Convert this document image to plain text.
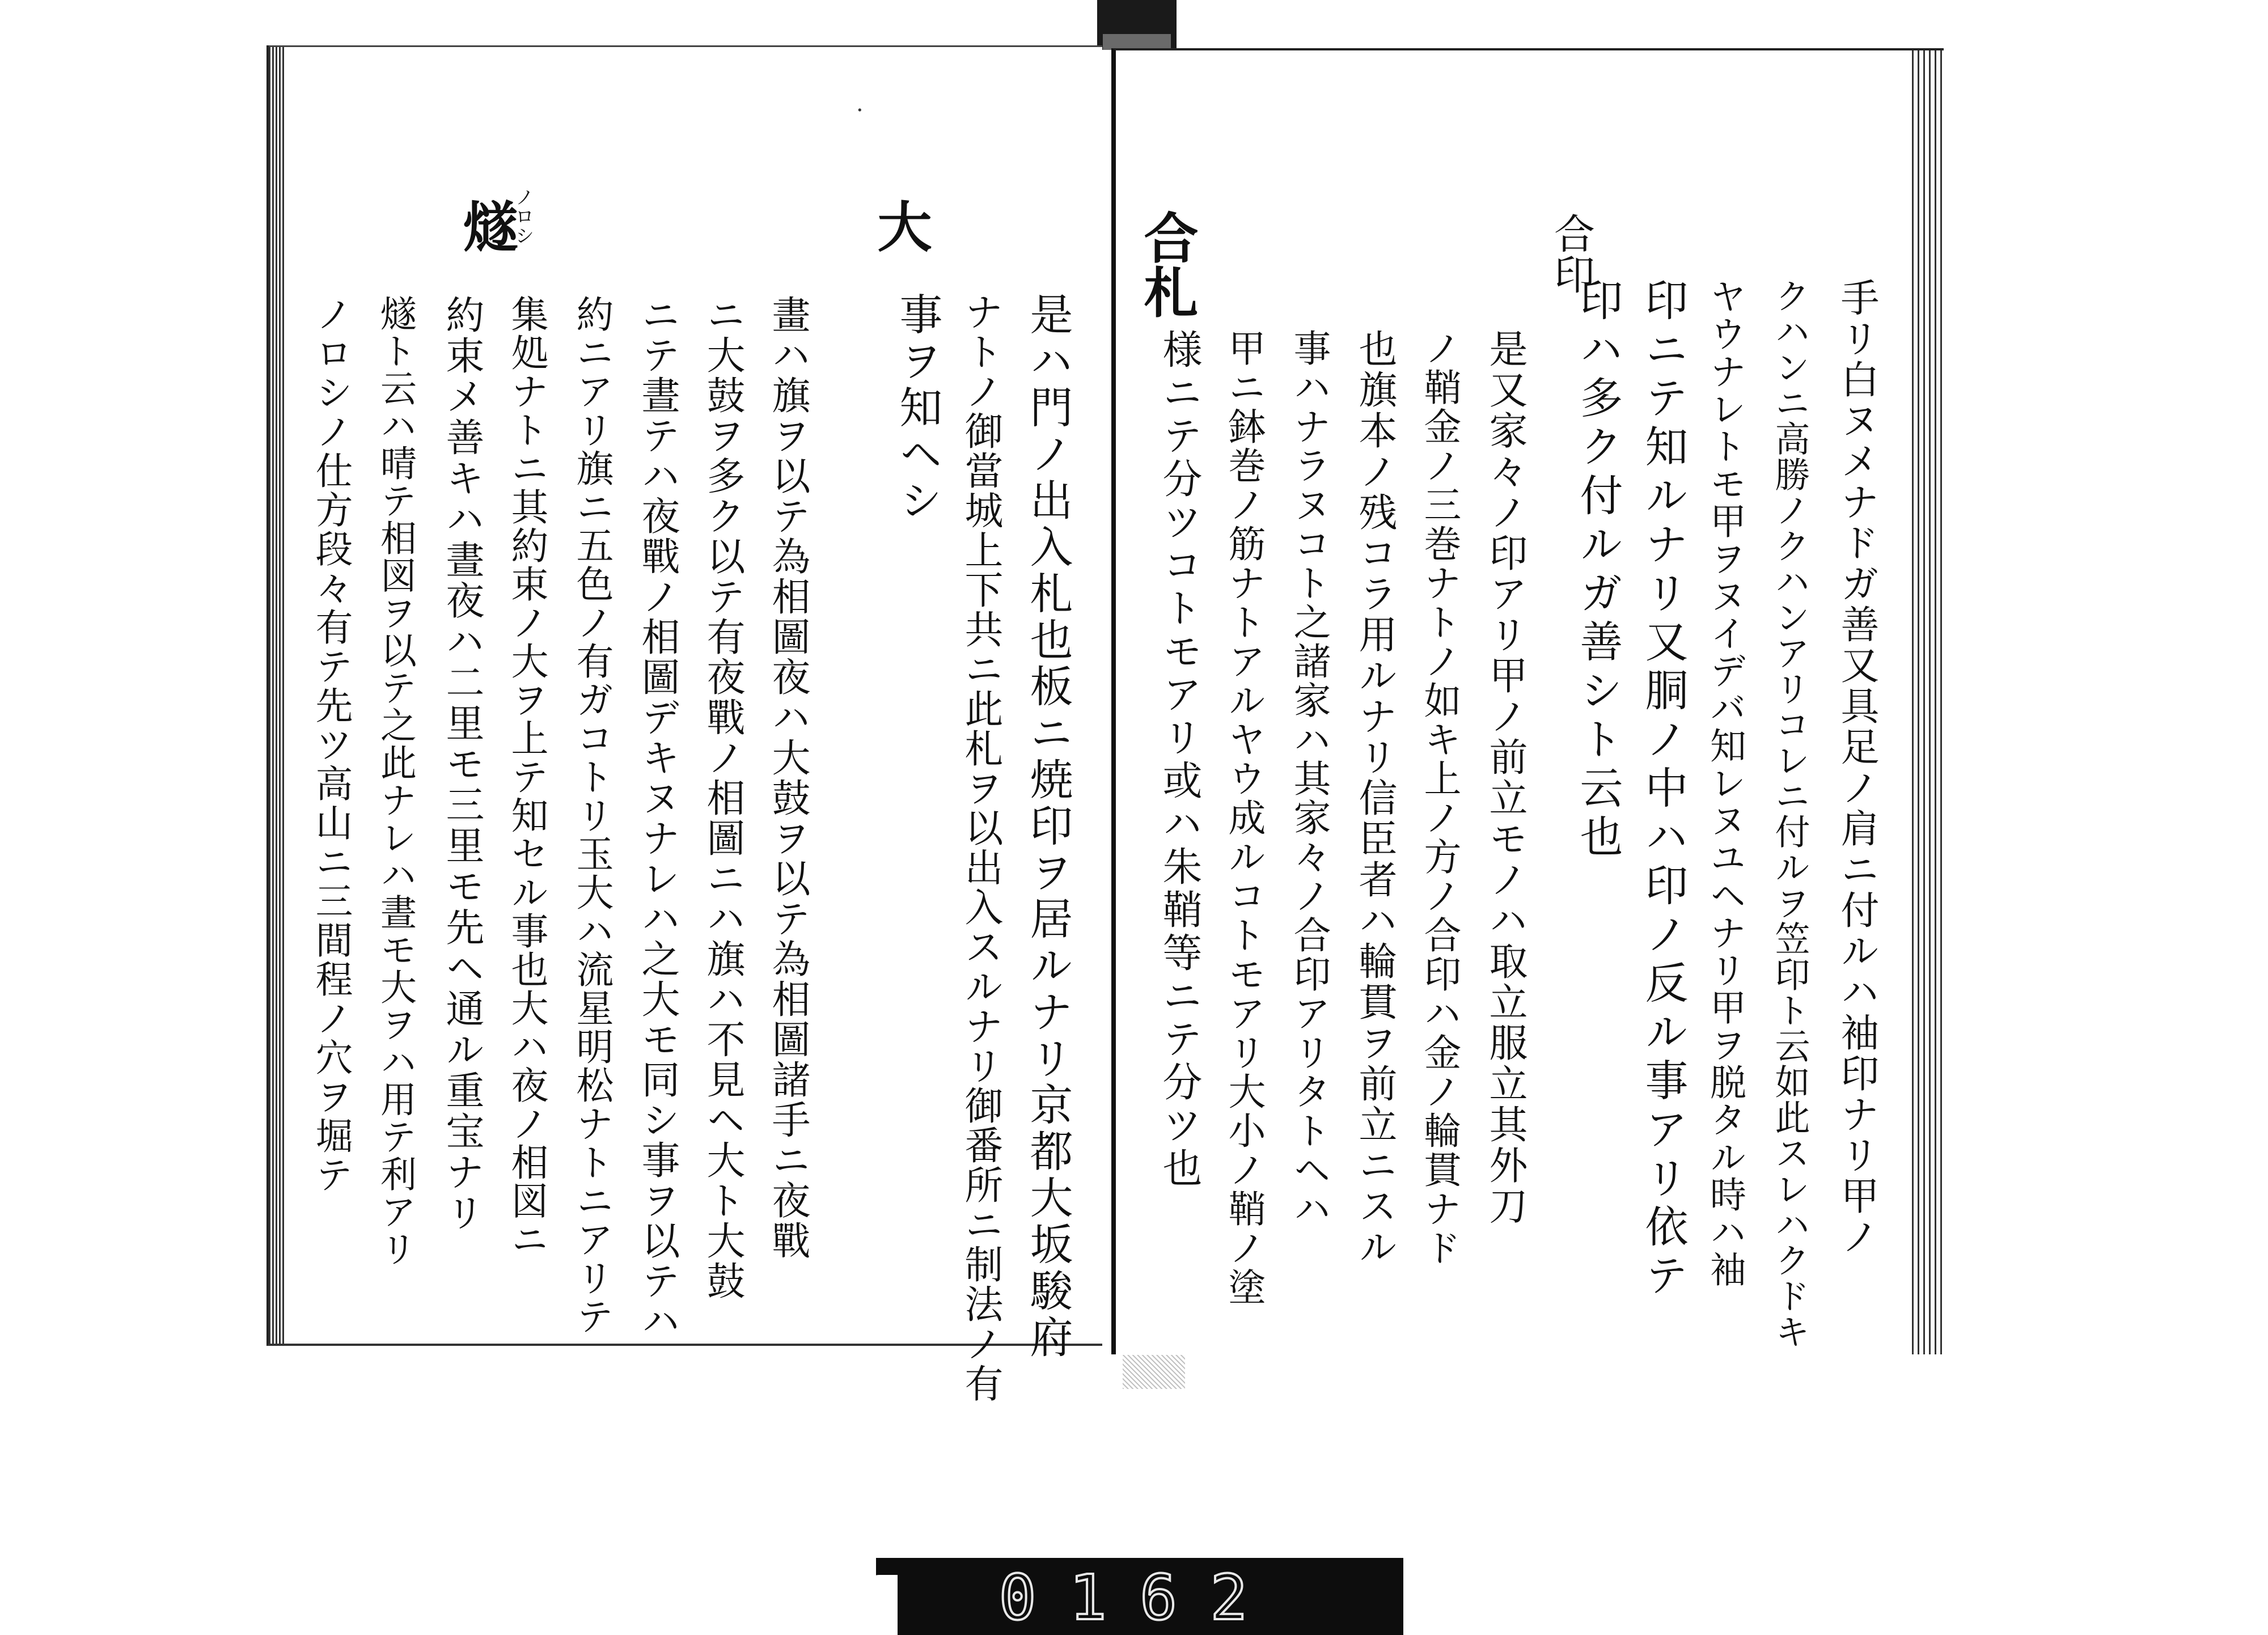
·
大
燧
ノロシ
是ハ門ノ出入札也板ニ焼印ヲ居ルナリ京都大坂駿府
ナトノ御當城上下共ニ此札ヲ以出入スルナリ御番所ニ制法ノ有
事ヲ知ヘシ
畫ハ旗ヲ以テ為相圖夜ハ大鼓ヲ以テ為相圖諸手ニ夜戰
ニ大鼓ヲ多ク以テ有夜戰ノ相圖ニハ旗ハ不見ヘ大ト大鼓
ニテ晝テハ夜戰ノ相圖デキヌナレハ之大モ同シ事ヲ以テハ
約ニアリ旗ニ五色ノ有ガコトリ玉大ハ流星明松ナトニアリテ
集処ナトニ其約束ノ大ヲ上テ知セル事也大ハ夜ノ相図ニ
約束メ善キハ晝夜ハ二里モ三里モ先ヘ通ル重宝ナリ
燧ト云ハ晴テ相図ヲ以テ之此ナレハ晝モ大ヲハ用テ利アリ
ノロシノ仕方段々有テ先ツ高山ニ三間程ノ穴ヲ堀テ
合札	合印
手リ白ヌメナドガ善又具足ノ肩ニ付ルハ袖印ナリ甲ノ
クハンニ高勝ノクハンアリコレニ付ルヲ笠印ト云如此スレハクドキ
ヤウナレトモ甲ヲヌイデバ知レヌユヘナリ甲ヲ脱タル時ハ袖
印ニテ知ルナリ又胴ノ中ハ印ノ反ル事アリ依テ
印ハ多ク付ルガ善シト云也
是又家々ノ印アリ甲ノ前立モノハ取立服立其外刀
ノ鞘金ノ三巻ナトノ如キ上ノ方ノ合印ハ金ノ輪貫ナド
也旗本ノ残コラ用ルナリ信臣者ハ輪貫ヲ前立ニスル
事ハナラヌコト之諸家ハ其家々ノ合印アリタトヘハ
甲ニ鉢巻ノ筋ナトアルヤウ成ルコトモアリ大小ノ鞘ノ塗
様ニテ分ツコトモアリ或ハ朱鞘等ニテ分ツ也
0162
